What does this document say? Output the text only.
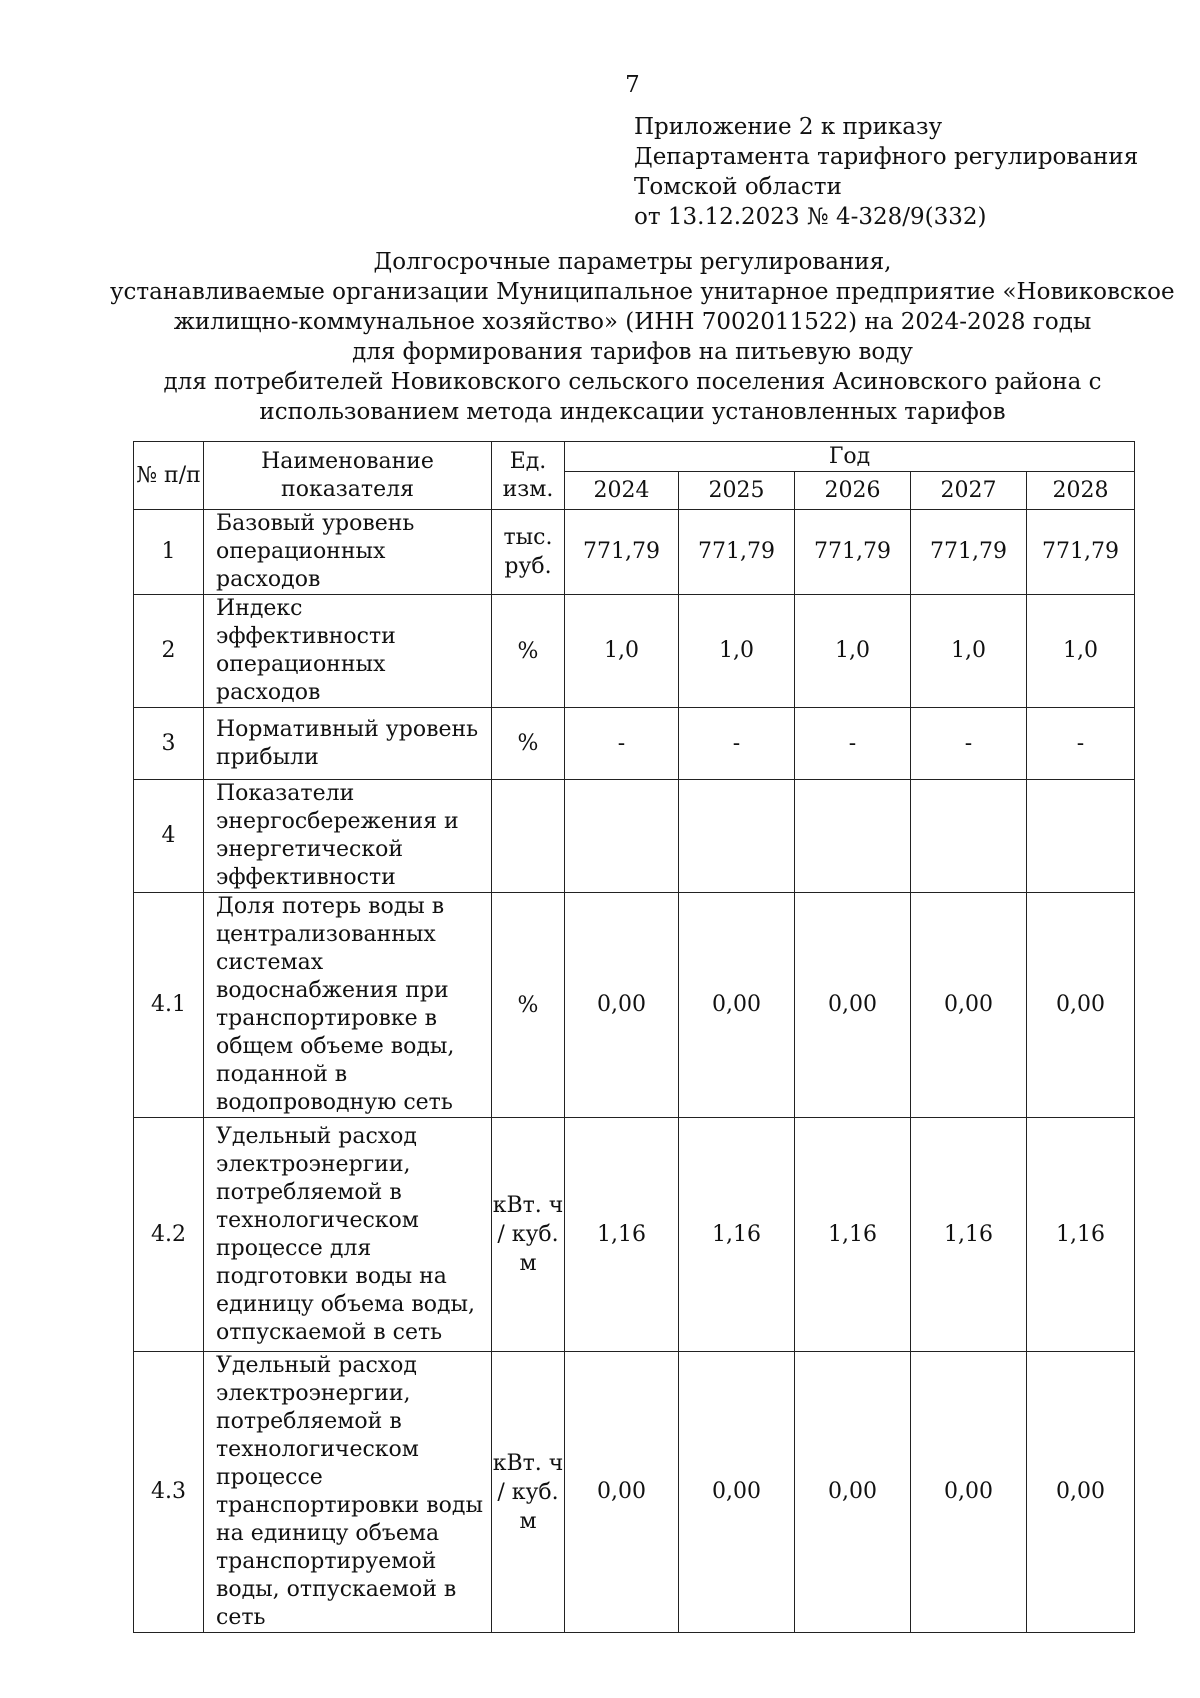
7
Приложение 2 к приказу
Департамента тарифного регулирования
Томской области
от 13.12.2023 № 4-328/9(332)
Долгосрочные параметры регулирования,
устанавливаемые организации Муниципальное унитарное предприятие «Новиковское
жилищно-коммунальное хозяйство» (ИНН 7002011522) на 2024-2028 годы
для формирования тарифов на питьевую воду
для потребителей Новиковского сельского поселения Асиновского района с
использованием метода индексации установленных тарифов
№ п/п	Наименование показателя	Ед. изм.	Год				
			2024	2025	2026	2027	2028
1	Базовый уровень операционных расходов	тыс. руб.	771,79	771,79	771,79	771,79	771,79
2	Индекс эффективности операционных расходов	%	1,0	1,0	1,0	1,0	1,0
3	Нормативный уровень прибыли	%	-	-	-	-	-
4	Показатели энергосбережения и энергетической эффективности						
4.1	Доля потерь воды в централизованных системах водоснабжения при транспортировке в общем объеме воды, поданной в водопроводную сеть	%	0,00	0,00	0,00	0,00	0,00
4.2	Удельный расход электроэнергии, потребляемой в технологическом процессе для подготовки воды на единицу объема воды, отпускаемой в сеть	кВт. ч / куб. м	1,16	1,16	1,16	1,16	1,16
4.3	Удельный расход электроэнергии, потребляемой в технологическом процессе транспортировки воды на единицу объема транспортируемой воды, отпускаемой в сеть	кВт. ч / куб. м	0,00	0,00	0,00	0,00	0,00
